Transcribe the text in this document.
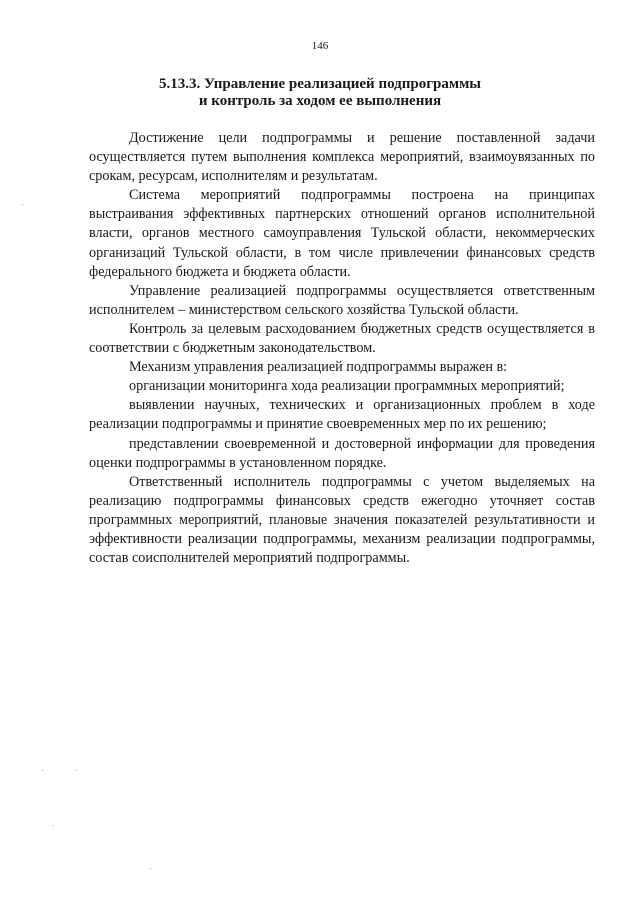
146
5.13.3. Управление реализацией подпрограммы
и контроль за ходом ее выполнения

Достижение цели подпрограммы и решение поставленной задачи осуществляется путем выполнения комплекса мероприятий, взаимоувязанных по срокам, ресурсам, исполнителям и результатам.

Система мероприятий подпрограммы построена на принципах выстраивания эффективных партнерских отношений органов исполнительной власти, органов местного самоуправления Тульской области, некоммерческих организаций Тульской области, в том числе привлечении финансовых средств федерального бюджета и бюджета области.

Управление реализацией подпрограммы осуществляется ответственным исполнителем – министерством сельского хозяйства Тульской области.

Контроль за целевым расходованием бюджетных средств осуществляется в соответствии с бюджетным законодательством.

Механизм управления реализацией подпрограммы выражен в:

организации мониторинга хода реализации программных мероприятий;

выявлении научных, технических и организационных проблем в ходе реализации подпрограммы и принятие своевременных мер по их решению;

представлении своевременной и достоверной информации для проведения оценки подпрограммы в установленном порядке.

Ответственный исполнитель подпрограммы с учетом выделяемых на реализацию подпрограммы финансовых средств ежегодно уточняет состав программных мероприятий, плановые значения показателей результативности и эффективности реализации подпрограммы, механизм реализации подпрограммы, состав соисполнителей мероприятий подпрограммы.
